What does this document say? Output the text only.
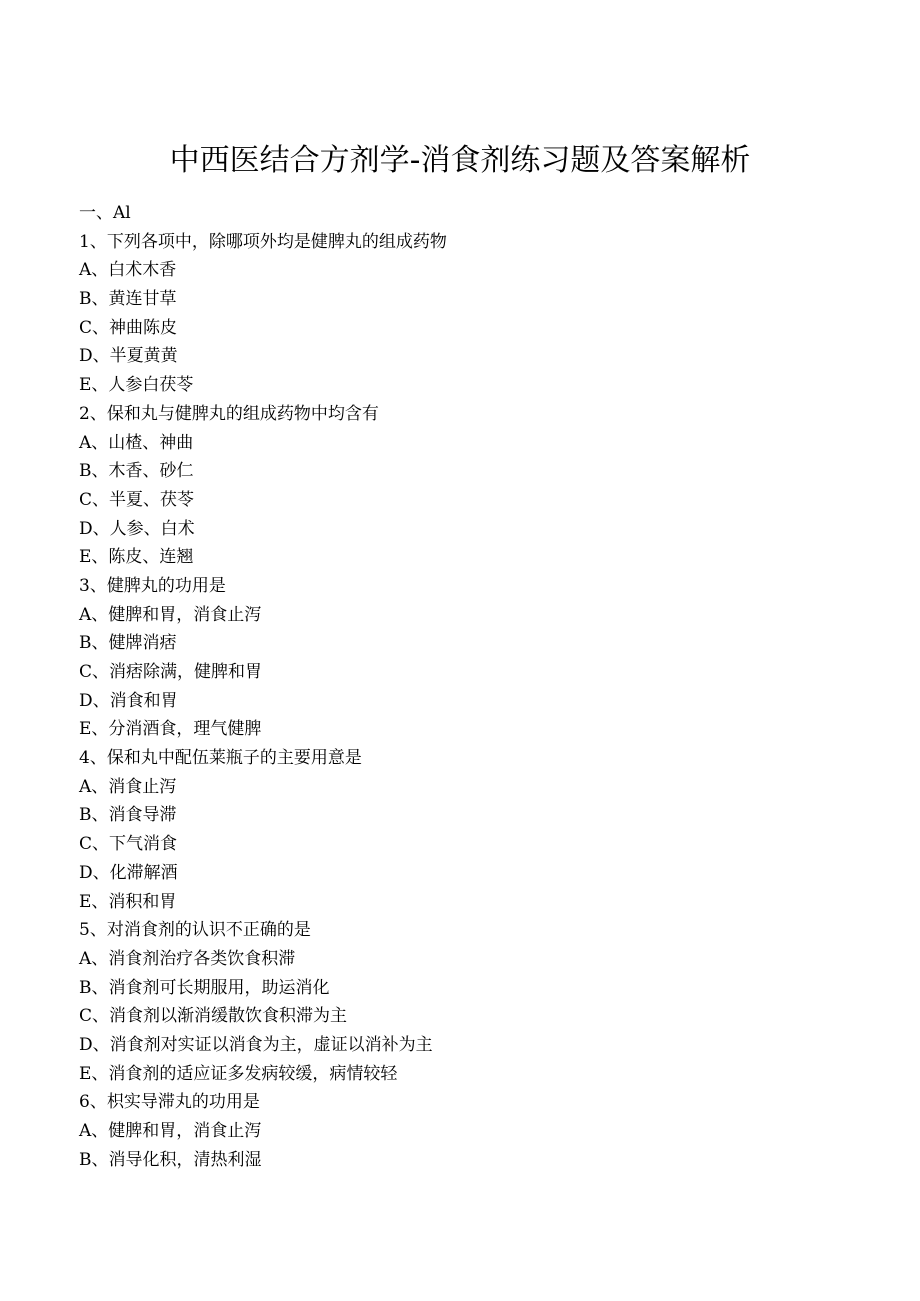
中西医结合方剂学-消食剂练习题及答案解析
一、Al
1、下列各项中，除哪项外均是健脾丸的组成药物
A、白术木香
B、黄连甘草
C、神曲陈皮
D、半夏黄黄
E、人参白茯苓
2、保和丸与健脾丸的组成药物中均含有
A、山楂、神曲
B、木香、砂仁
C、半夏、茯苓
D、人参、白术
E、陈皮、连翘
3、健脾丸的功用是
A、健脾和胃，消食止泻
B、健牌消痞
C、消痞除满，健脾和胃
D、消食和胃
E、分消酒食，理气健脾
4、保和丸中配伍莱瓶子的主要用意是
A、消食止泻
B、消食导滞
C、下气消食
D、化滞解酒
E、消积和胃
5、对消食剂的认识不正确的是
A、消食剂治疗各类饮食积滞
B、消食剂可长期服用，助运消化
C、消食剂以渐消缓散饮食积滞为主
D、消食剂对实证以消食为主，虚证以消补为主
E、消食剂的适应证多发病较缓，病情较轻
6、枳实导滞丸的功用是
A、健脾和胃，消食止泻
B、消导化积，清热利湿
